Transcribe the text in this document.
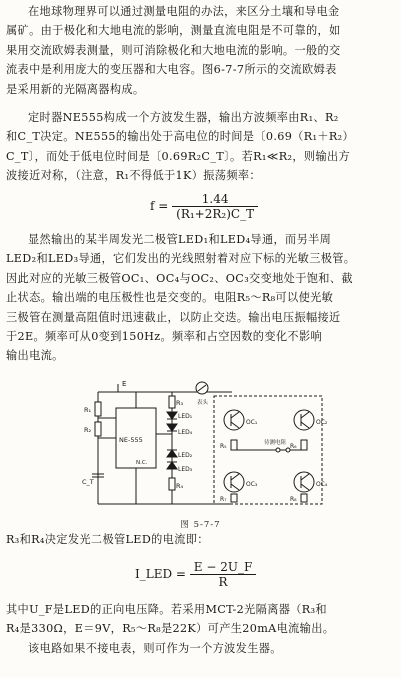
在地球物理界可以通过测量电阻的办法，来区分土壤和导电金
属矿。由于极化和大地电流的影响，测量直流电阻是不可靠的，如
果用交流欧姆表测量，则可消除极化和大地电流的影响。一般的交
流表中是利用庞大的变压器和大电容。图6-7-7所示的交流欧姆表
是采用新的光隔离器构成。

定时器NE555构成一个方波发生器，输出方波频率由R₁、R₂
和C_T决定。NE555的输出处于高电位的时间是〔0.69（R₁＋R₂）
C_T〕，而处于低电位时间是〔0.69R₂C_T〕。若R₁≪R₂，则输出方
波接近对称，（注意，R₁不得低于1K）振荡频率：

$f = \frac{1.44}{\text{(R₁+2R₂)C\_T}}$

显然输出的某半周发光二极管LED₁和LED₄导通，而另半周
LED₂和LED₃导通，它们发出的光线照射着对应下标的光敏三极管。
因此对应的光敏三极管OC₁、OC₄与OC₂、OC₃交变地处于饱和、截
止状态。输出端的电压极性也是交变的。电阻R₅～R₈可以使光敏
三极管在测量高阻值时迅速截止，以防止交迭。输出电压振幅接近
于2E。频率可从0变到150Hz。频率和占空因数的变化不影响
输出电流。

E
R₁
R₂
C_T
NE-555
N.C.
R₃
LED₁
LED₄
LED₂
LED₃
R₄
表头
OC₁	OC₂
OC₃	OC₄
R₅	R₆
R₇	R₈
待测电阻
图 5-7-7

R₃和R₄决定发光二极管LED的电流即：

I_LED = $\frac{E - 2U\_F}{R}$

其中U_F是LED的正向电压降。若采用MCT-2光隔离器（R₃和
R₄是330Ω，E＝9V，R₅～R₈是22K）可产生20mA电流输出。
该电路如果不接电表，则可作为一个方波发生器。
